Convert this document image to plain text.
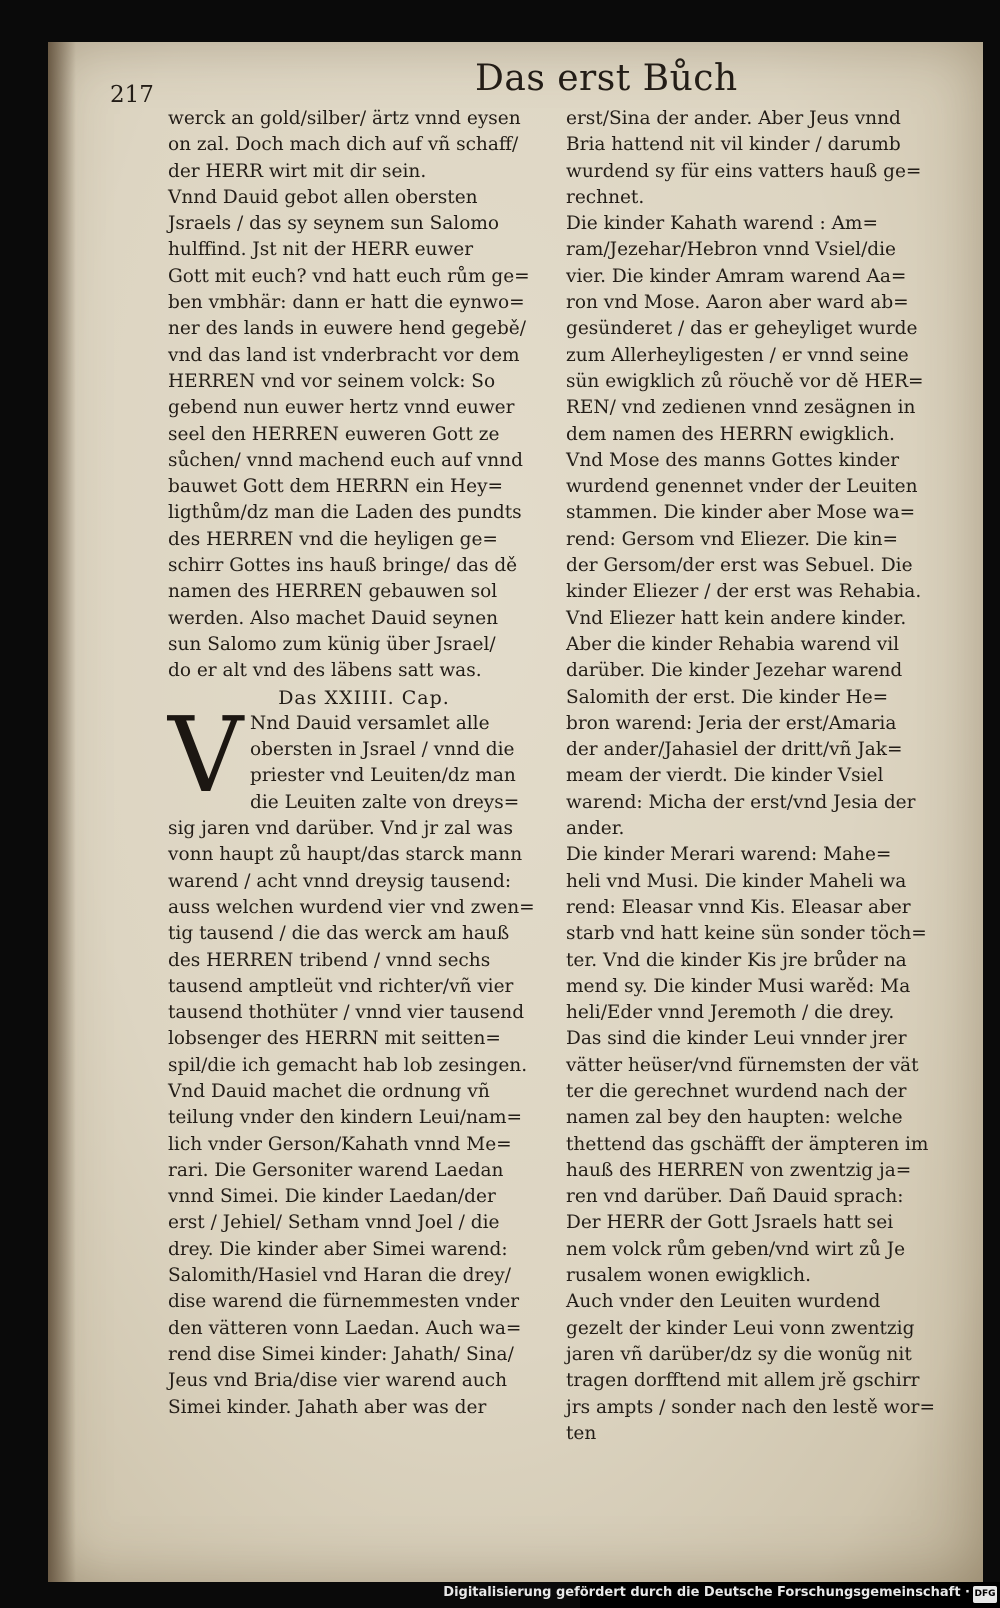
217	Das erst Bůch
werck an gold/silber/ ärtz vnnd eysen
on zal. Doch mach dich auf vñ schaff/
der HERR wirt mit dir sein.
Vnnd Dauid gebot allen obersten
Jsraels / das sy seynem sun Salomo
hulffind. Jst nit der HERR euwer
Gott mit euch? vnd hatt euch rům ge=
ben vmbhär: dann er hatt die eynwo=
ner des lands in euwere hend gegebě/
vnd das land ist vnderbracht vor dem
HERREN vnd vor seinem volck: So
gebend nun euwer hertz vnnd euwer
seel den HERREN euweren Gott ze
sůchen/ vnnd machend euch auf vnnd
bauwet Gott dem HERRN ein Hey=
ligthům/dz man die Laden des pundts
des HERREN vnd die heyligen ge=
schirr Gottes ins hauß bringe/ das dě
namen des HERREN gebauwen sol
werden. Also machet Dauid seynen
sun Salomo zum künig über Jsrael/
do er alt vnd des läbens satt was.
Das XXIIII. Cap.
V Nnd Dauid versamlet alle
obersten in Jsrael / vnnd die
priester vnd Leuiten/dz man
die Leuiten zalte von dreys=
sig jaren vnd darüber. Vnd jr zal was
vonn haupt zů haupt/das starck mann
warend / acht vnnd dreysig tausend:
auss welchen wurdend vier vnd zwen=
tig tausend / die das werck am hauß
des HERREN tribend / vnnd sechs
tausend amptleüt vnd richter/vñ vier
tausend thothüter / vnnd vier tausend
lobsenger des HERRN mit seitten=
spil/die ich gemacht hab lob zesingen.
Vnd Dauid machet die ordnung vñ
teilung vnder den kindern Leui/nam=
lich vnder Gerson/Kahath vnnd Me=
rari. Die Gersoniter warend Laedan
vnnd Simei. Die kinder Laedan/der
erst / Jehiel/ Setham vnnd Joel / die
drey. Die kinder aber Simei warend:
Salomith/Hasiel vnd Haran die drey/
dise warend die fürnemmesten vnder
den vätteren vonn Laedan. Auch wa=
rend dise Simei kinder: Jahath/ Sina/
Jeus vnd Bria/dise vier warend auch
Simei kinder. Jahath aber was der
erst/Sina der ander. Aber Jeus vnnd
Bria hattend nit vil kinder / darumb
wurdend sy für eins vatters hauß ge=
rechnet.
Die kinder Kahath warend : Am=
ram/Jezehar/Hebron vnnd Vsiel/die
vier. Die kinder Amram warend Aa=
ron vnd Mose. Aaron aber ward ab=
gesünderet / das er geheyliget wurde
zum Allerheyligesten / er vnnd seine
sün ewigklich zů röuchě vor dě HER=
REN/ vnd zedienen vnnd zesägnen in
dem namen des HERRN ewigklich.
Vnd Mose des manns Gottes kinder
wurdend genennet vnder der Leuiten
stammen. Die kinder aber Mose wa=
rend: Gersom vnd Eliezer. Die kin=
der Gersom/der erst was Sebuel. Die
kinder Eliezer / der erst was Rehabia.
Vnd Eliezer hatt kein andere kinder.
Aber die kinder Rehabia warend vil
darüber. Die kinder Jezehar warend
Salomith der erst. Die kinder He=
bron warend: Jeria der erst/Amaria
der ander/Jahasiel der dritt/vñ Jak=
meam der vierdt. Die kinder Vsiel
warend: Micha der erst/vnd Jesia der
ander.
Die kinder Merari warend: Mahe=
heli vnd Musi. Die kinder Maheli wa
rend: Eleasar vnnd Kis. Eleasar aber
starb vnd hatt keine sün sonder töch=
ter. Vnd die kinder Kis jre brůder na
mend sy. Die kinder Musi warěd: Ma
heli/Eder vnnd Jeremoth / die drey.
Das sind die kinder Leui vnnder jrer
vätter heüser/vnd fürnemsten der vät
ter die gerechnet wurdend nach der
namen zal bey den haupten: welche
thettend das gschäfft der ämpteren im
hauß des HERREN von zwentzig ja=
ren vnd darüber. Dañ Dauid sprach:
Der HERR der Gott Jsraels hatt sei
nem volck rům geben/vnd wirt zů Je
rusalem wonen ewigklich.
Auch vnder den Leuiten wurdend
gezelt der kinder Leui vonn zwentzig
jaren vñ darüber/dz sy die wonũg nit
tragen dorfftend mit allem jrě gschirr
jrs ampts / sonder nach den lestě wor=
ten
Digitalisierung gefördert durch die Deutsche Forschungsgemeinschaft · DFG
